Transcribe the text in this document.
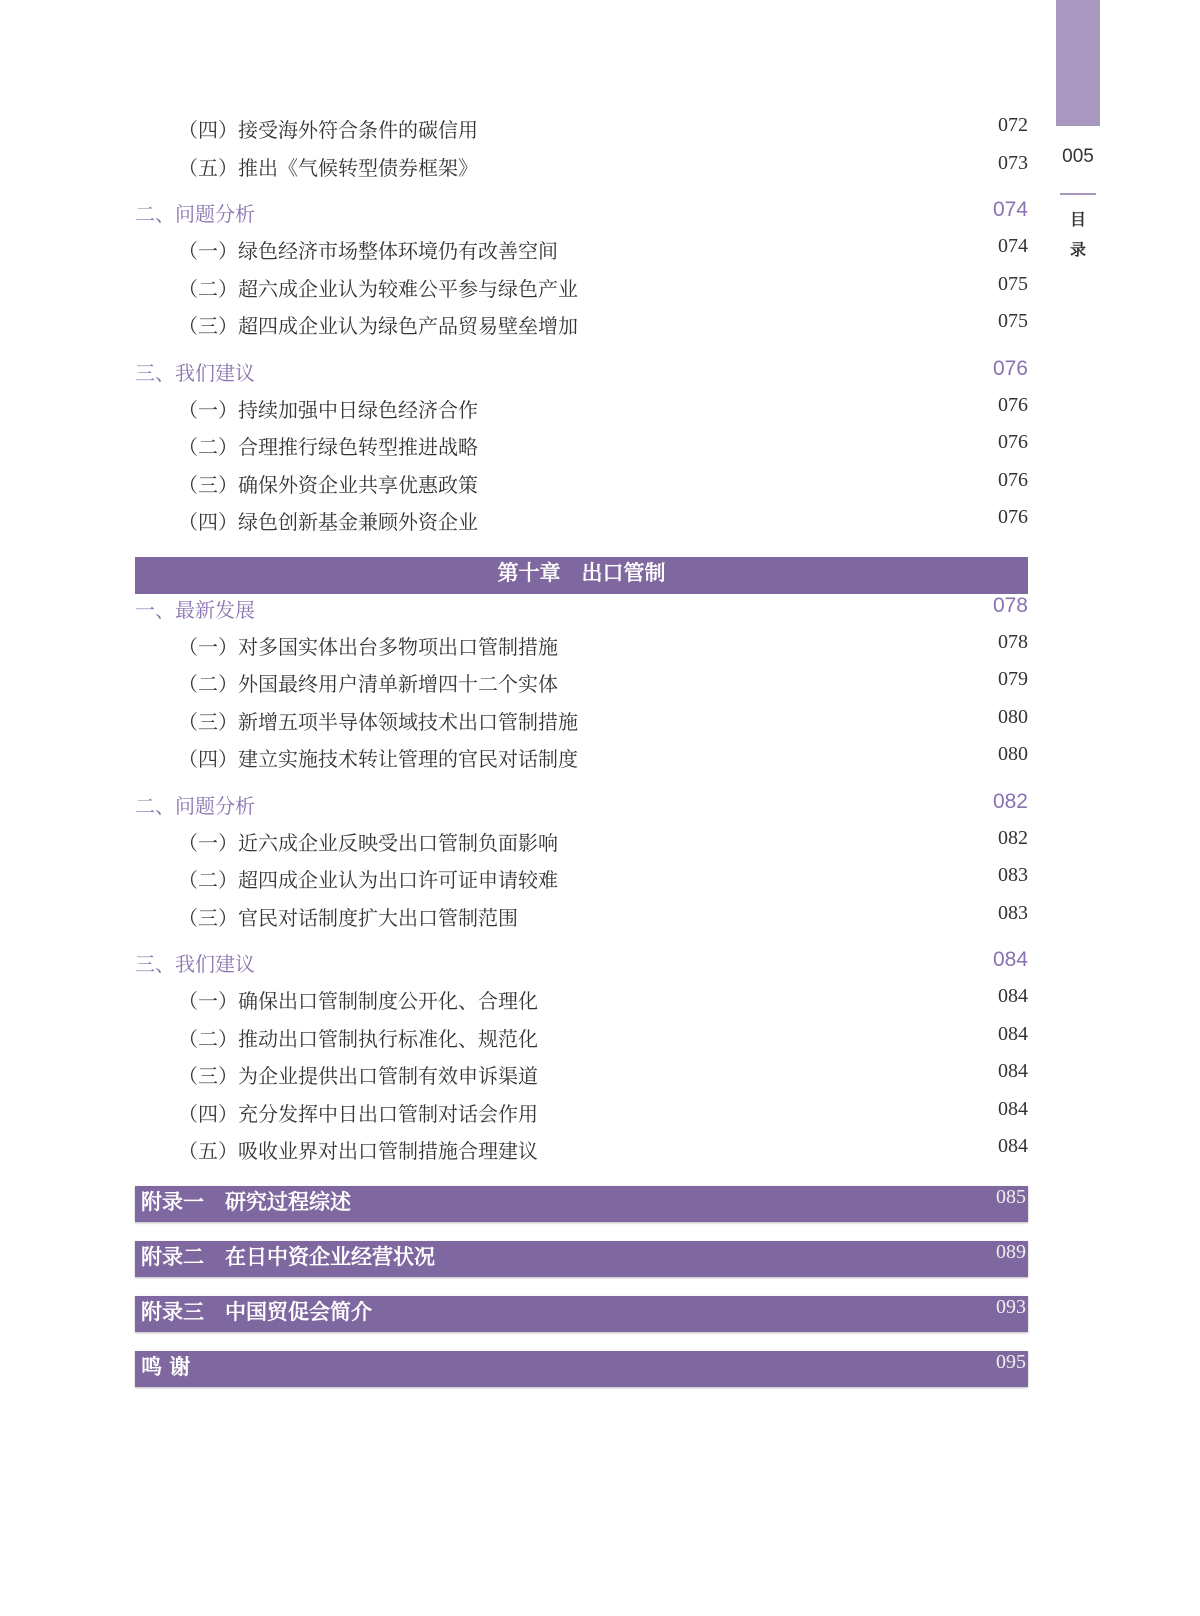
005
目
录
（四）接受海外符合条件的碳信用	072
（五）推出《气候转型债券框架》	073
二、问题分析	074
（一）绿色经济市场整体环境仍有改善空间	074
（二）超六成企业认为较难公平参与绿色产业	075
（三）超四成企业认为绿色产品贸易壁垒增加	075
三、我们建议	076
（一）持续加强中日绿色经济合作	076
（二）合理推行绿色转型推进战略	076
（三）确保外资企业共享优惠政策	076
（四）绿色创新基金兼顾外资企业	076
第十章　出口管制
一、最新发展	078
（一）对多国实体出台多物项出口管制措施	078
（二）外国最终用户清单新增四十二个实体	079
（三）新增五项半导体领域技术出口管制措施	080
（四）建立实施技术转让管理的官民对话制度	080
二、问题分析	082
（一）近六成企业反映受出口管制负面影响	082
（二）超四成企业认为出口许可证申请较难	083
（三）官民对话制度扩大出口管制范围	083
三、我们建议	084
（一）确保出口管制制度公开化、合理化	084
（二）推动出口管制执行标准化、规范化	084
（三）为企业提供出口管制有效申诉渠道	084
（四）充分发挥中日出口管制对话会作用	084
（五）吸收业界对出口管制措施合理建议	084
附录一　研究过程综述	085
附录二　在日中资企业经营状况	089
附录三　中国贸促会简介	093
鸣 谢	095
